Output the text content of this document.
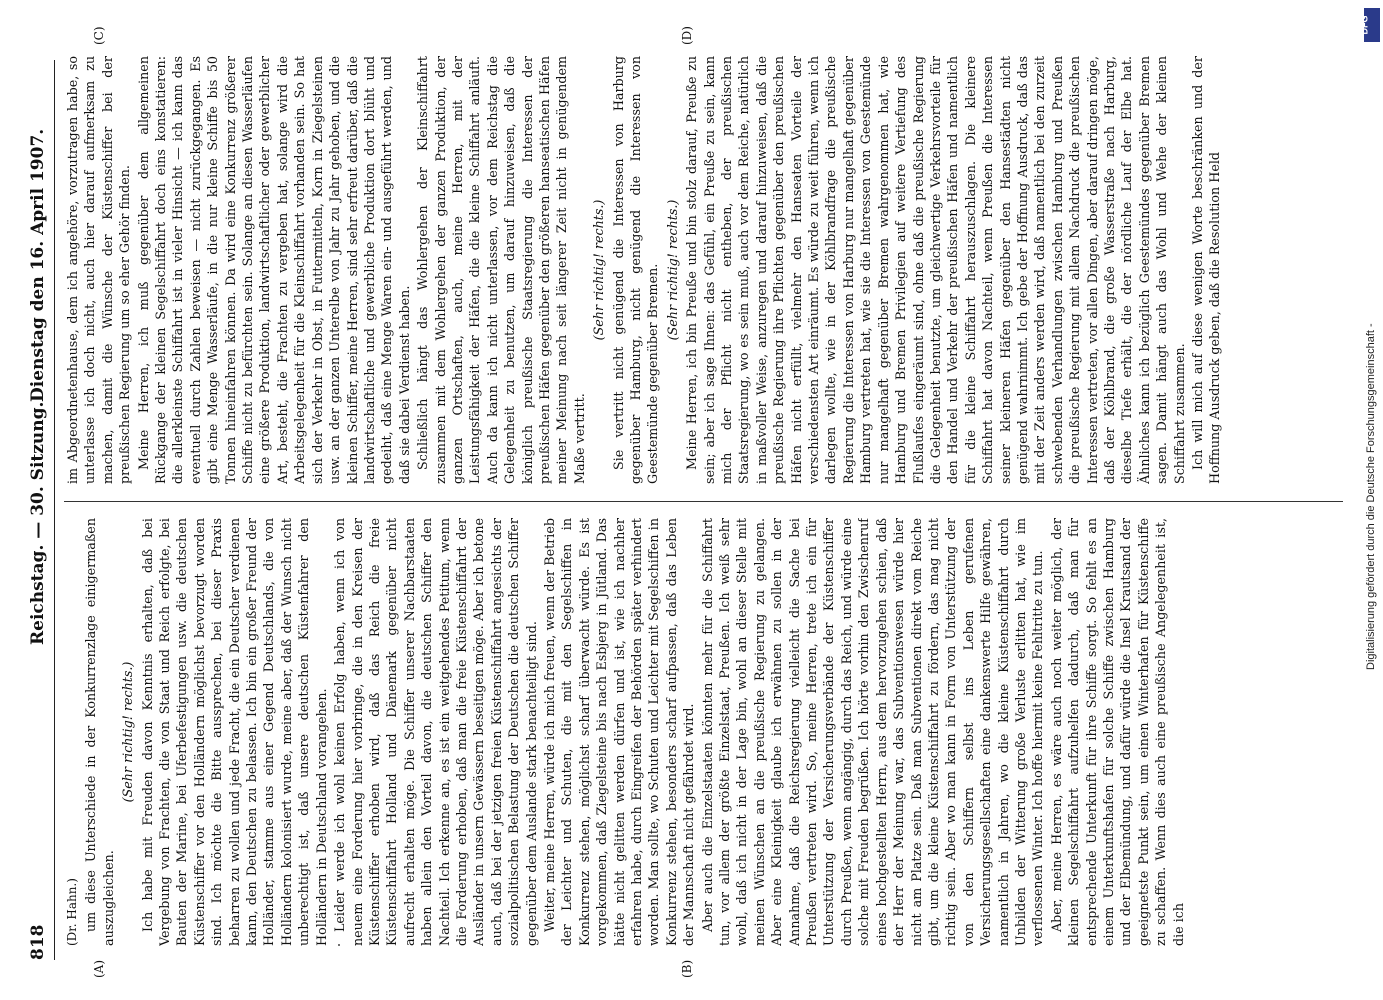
818
Reichstag. — 30. Sitzung.
Dienstag den 16. April 1907.
(A)	(B)
(C)	(D)

(Dr. Hahn.) um diese Unterschiede in der Konkurrenzlage einigermaßen auszugleichen.

(Sehr richtig! rechts.) Ich habe mit Freuden davon Kenntnis erhalten, daß bei Vergebung von Frachten, die von Staat und Reich erfolgte, bei Bauten der Marine, bei Uferbefestigungen usw. die deutschen Küstenschiffer vor den Holländern möglichst bevorzugt worden sind. Ich möchte die Bitte aussprechen, bei dieser Praxis beharren zu wollen und jede Fracht, die ein Deutscher verdienen kann, den Deutschen zu belassen. Ich bin ein großer Freund der Holländer, stamme aus einer Gegend Deutschlands, die von Holländern kolonisiert wurde, meine aber, daß der Wunsch nicht unberechtigt ist, daß unsere deutschen Küstenfahrer den Holländern in Deutschland vorangehen. Leider werde ich wohl keinen Erfolg haben, wenn ich von neuem eine Forderung hier vorbringe, die in den Kreisen der Küstenschiffer erhoben wird, daß das Reich die freie Küstenschiffahrt Holland und Dänemark gegenüber nicht aufrecht erhalten möge. Die Schiffer unserer Nachbarstaaten haben allein den Vorteil davon, die deutschen Schiffer den Nachteil. Ich erkenne an, es ist ein weitgehendes Petitum, wenn die Forderung erhoben, daß man die freie Küstenschiffahrt der Ausländer in unsern Gewässern beseitigen möge. Aber ich betone auch, daß bei der jetzigen freien Küstenschiffahrt angesichts der sozialpolitischen Belastung der Deutschen die deutschen Schiffer gegenüber dem Auslande stark benachteiligt sind. Weiter, meine Herren, würde ich mich freuen, wenn der Betrieb der Leichter und Schuten, die mit den Segelschiffen in Konkurrenz stehen, möglichst scharf überwacht würde. Es ist vorgekommen, daß Ziegelsteine bis nach Esbjerg in Jütland. Das hätte nicht gelitten werden dürfen und ist, wie ich nachher erfahren habe, durch Eingreifen der Behörden später verhindert worden. Man sollte, wo Schuten und Leichter mit Segelschiffen in Konkurrenz stehen, besonders scharf aufpassen, daß das Leben der Mannschaft nicht gefährdet wird. Aber auch die Einzelstaaten könnten mehr für die Schiffahrt tun, vor allem der größte Einzelstaat, Preußen. Ich weiß sehr wohl, daß ich nicht in der Lage bin, wohl an dieser Stelle mit meinen Wünschen an die preußische Regierung zu gelangen. Aber eine Kleinigkeit glaube ich erwähnen zu sollen in der Annahme, daß die Reichsregierung vielleicht die Sache bei Preußen vertreten wird. So, meine Herren, trete ich ein für Unterstützung der Versicherungsverbände der Küstenschiffer durch Preußen, wenn angängig, durch das Reich, und würde eine solche mit Freuden begrüßen. Ich hörte vorhin den Zwischenruf eines hochgestellten Herrn, aus dem hervorzugehen schien, daß der Herr der Meinung war, das Subventionswesen würde hier nicht am Platze sein. Daß man Subventionen direkt vom Reiche gibt, um die kleine Küstenschiffahrt zu fördern, das mag nicht richtig sein. Aber wo man kann in Form von Unterstützung der von den Schiffern selbst ins Leben gerufenen Versicherungsgesellschaften eine dankenswerte Hilfe gewähren, namentlich in Jahren, wo die kleine Küstenschiffahrt durch Unbilden der Witterung große Verluste erlitten hat, wie im verflossenen Winter. Ich hoffe hiermit keine Fehltritte zu tun. Aber, meine Herren, es wäre auch noch weiter möglich, der kleinen Segelschiffahrt aufzuhelfen dadurch, daß man für entsprechende Unterkunft für ihre Schiffe sorgt. So fehlt es an einem Unterkunftshafen für solche Schiffe zwischen Hamburg und der Elbemündung, und dafür würde die Insel Krautsand der geeignetste Punkt sein, um einen Winterhafen für Küstenschiffe zu schaffen. Wenn dies auch eine preußische Angelegenheit ist, die ich

im Abgeordnetenhause, dem ich angehöre, vorzutragen habe, so unterlasse ich doch nicht, auch hier darauf aufmerksam zu machen, damit die Wünsche der Küstenschiffer bei der preußischen Regierung um so eher Gehör finden. Meine Herren, ich muß gegenüber dem allgemeinen Rückgange der kleinen Segelschiffahrt doch eins konstatieren: die allerkleinste Schiffahrt ist in vieler Hinsicht — ich kann das eventuell durch Zahlen beweisen — nicht zurückgegangen. Es gibt eine Menge Wasserläufe, in die nur kleine Schiffe bis 50 Tonnen hineinfahren können. Da wird eine Konkurrenz größerer Schiffe nicht zu befürchten sein. Solange an diesen Wasserläufen eine größere Produktion, landwirtschaftlicher oder gewerblicher Art, besteht, die Frachten zu vergeben hat, solange wird die Arbeitsgelegenheit für die Kleinschiffahrt vorhanden sein. So hat sich der Verkehr in Obst, in Futtermitteln, Korn in Ziegelsteinen usw. an der ganzen Unterelbe von Jahr zu Jahr gehoben, und die kleinen Schiffer, meine Herren, sind sehr erfreut darüber, daß die landwirtschaftliche und gewerbliche Produktion dort blüht und gedeiht, daß eine Menge Waren ein- und ausgeführt werden, und daß sie dabei Verdienst haben. Schließlich hängt das Wohlergehen der Kleinschiffahrt zusammen mit dem Wohlergehen der ganzen Produktion, der ganzen Ortschaften, auch, meine Herren, mit der Leistungsfähigkeit der Häfen, die die kleine Schiffahrt anläuft. Auch da kann ich nicht unterlassen, vor dem Reichstag die Gelegenheit zu benutzen, um darauf hinzuweisen, daß die königlich preußische Staatsregierung die Interessen der preußischen Häfen gegenüber den größeren hanseatischen Häfen meiner Meinung nach seit längerer Zeit nicht in genügendem Maße vertritt.

(Sehr richtig! rechts.) Sie vertritt nicht genügend die Interessen von Harburg gegenüber Hamburg, nicht genügend die Interessen von Geestemünde gegenüber Bremen. (Sehr richtig! rechts.) Meine Herren, ich bin Preuße und bin stolz darauf, Preuße zu sein; aber ich sage Ihnen: das Gefühl, ein Preuße zu sein, kann mich der Pflicht nicht entheben, der preußischen Staatsregierung, wo es sein muß, auch vor dem Reiche, natürlich in maßvoller Weise, anzuregen und darauf hinzuweisen, daß die preußische Regierung ihre Pflichten gegenüber den preußischen Häfen nicht erfüllt, vielmehr den Hanseaten Vorteile der verschiedensten Art einräumt. Es würde zu weit führen, wenn ich darlegen wollte, wie in der Köhlbrandfrage die preußische Regierung die Interessen von Harburg nur mangelhaft gegenüber Hamburg vertreten hat, wie sie die Interessen von Geestemünde nur mangelhaft gegenüber Bremen wahrgenommen hat, wie Hamburg und Bremen Privilegien auf weitere Vertiefung des Flußlaufes eingeräumt sind, ohne daß die preußische Regierung die Gelegenheit benutzte, um gleichwertige Verkehrsvorteile für den Handel und Verkehr der preußischen Häfen und namentlich für die kleine Schiffahrt herauszuschlagen. Die kleinere Schiffahrt hat davon Nachteil, wenn Preußen die Interessen seiner kleineren Häfen gegenüber den Hansestädten nicht genügend wahrnimmt. Ich gebe der Hoffnung Ausdruck, daß das mit der Zeit anders werden wird, daß namentlich bei den zurzeit schwebenden Verhandlungen zwischen Hamburg und Preußen die preußische Regierung mit allem Nachdruck die preußischen Interessen vertreten, vor allen Dingen, aber darauf dringen möge, daß der Köhlbrand, die große Wasserstraße nach Harburg, dieselbe Tiefe erhält, die der nördliche Lauf der Elbe hat. Ähnliches kann ich bezüglich Geestemündes gegenüber Bremen sagen. Damit hängt auch das Wohl und Wehe der kleinen Schiffahrt zusammen. Ich will mich auf diese wenigen Worte beschränken und der Hoffnung Ausdruck geben, daß die Resolution Held

Digitalisierung gefördert durch die Deutsche Forschungsgemeinschaft -
DFG
